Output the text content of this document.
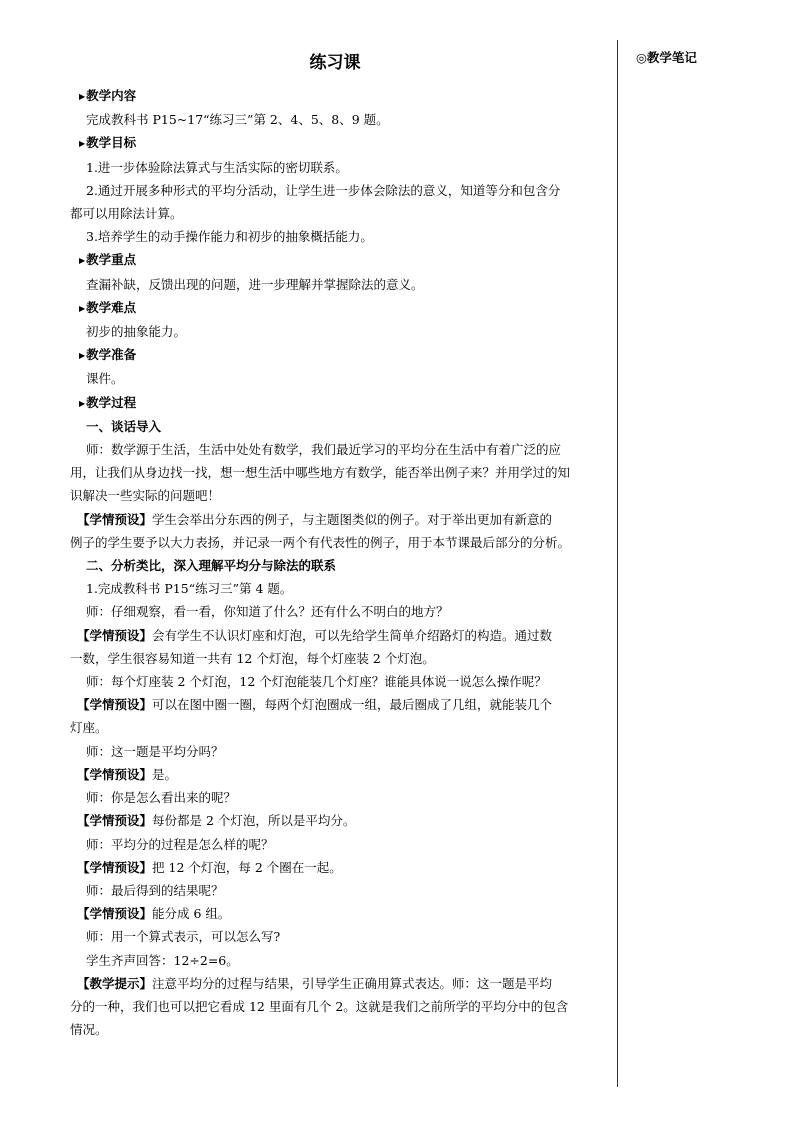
练习课	◎教学笔记
▶教学内容
完成教科书 P15~17“练习三”第 2、4、5、8、9 题。
▶教学目标
1.进一步体验除法算式与生活实际的密切联系。
2.通过开展多种形式的平均分活动，让学生进一步体会除法的意义，知道等分和包含分
都可以用除法计算。
3.培养学生的动手操作能力和初步的抽象概括能力。
▶教学重点
查漏补缺，反馈出现的问题，进一步理解并掌握除法的意义。
▶教学难点
初步的抽象能力。
▶教学准备
课件。
▶教学过程
一、谈话导入
师：数学源于生活，生活中处处有数学，我们最近学习的平均分在生活中有着广泛的应
用，让我们从身边找一找，想一想生活中哪些地方有数学，能否举出例子来？并用学过的知
识解决一些实际的问题吧！
【学情预设】学生会举出分东西的例子，与主题图类似的例子。对于举出更加有新意的
例子的学生要予以大力表扬，并记录一两个有代表性的例子，用于本节课最后部分的分析。
二、分析类比，深入理解平均分与除法的联系
1.完成教科书 P15“练习三”第 4 题。
师：仔细观察，看一看，你知道了什么？还有什么不明白的地方？
【学情预设】会有学生不认识灯座和灯泡，可以先给学生简单介绍路灯的构造。通过数
一数，学生很容易知道一共有 12 个灯泡，每个灯座装 2 个灯泡。
师：每个灯座装 2 个灯泡，12 个灯泡能装几个灯座？谁能具体说一说怎么操作呢？
【学情预设】可以在图中圈一圈，每两个灯泡圈成一组，最后圈成了几组，就能装几个
灯座。
师：这一题是平均分吗？
【学情预设】是。
师：你是怎么看出来的呢？
【学情预设】每份都是 2 个灯泡，所以是平均分。
师：平均分的过程是怎么样的呢？
【学情预设】把 12 个灯泡，每 2 个圈在一起。
师：最后得到的结果呢？
【学情预设】能分成 6 组。
师：用一个算式表示，可以怎么写?
学生齐声回答：12÷2=6。
【教学提示】注意平均分的过程与结果，引导学生正确用算式表达。师：这一题是平均
分的一种，我们也可以把它看成 12 里面有几个 2。这就是我们之前所学的平均分中的包含
情况。
